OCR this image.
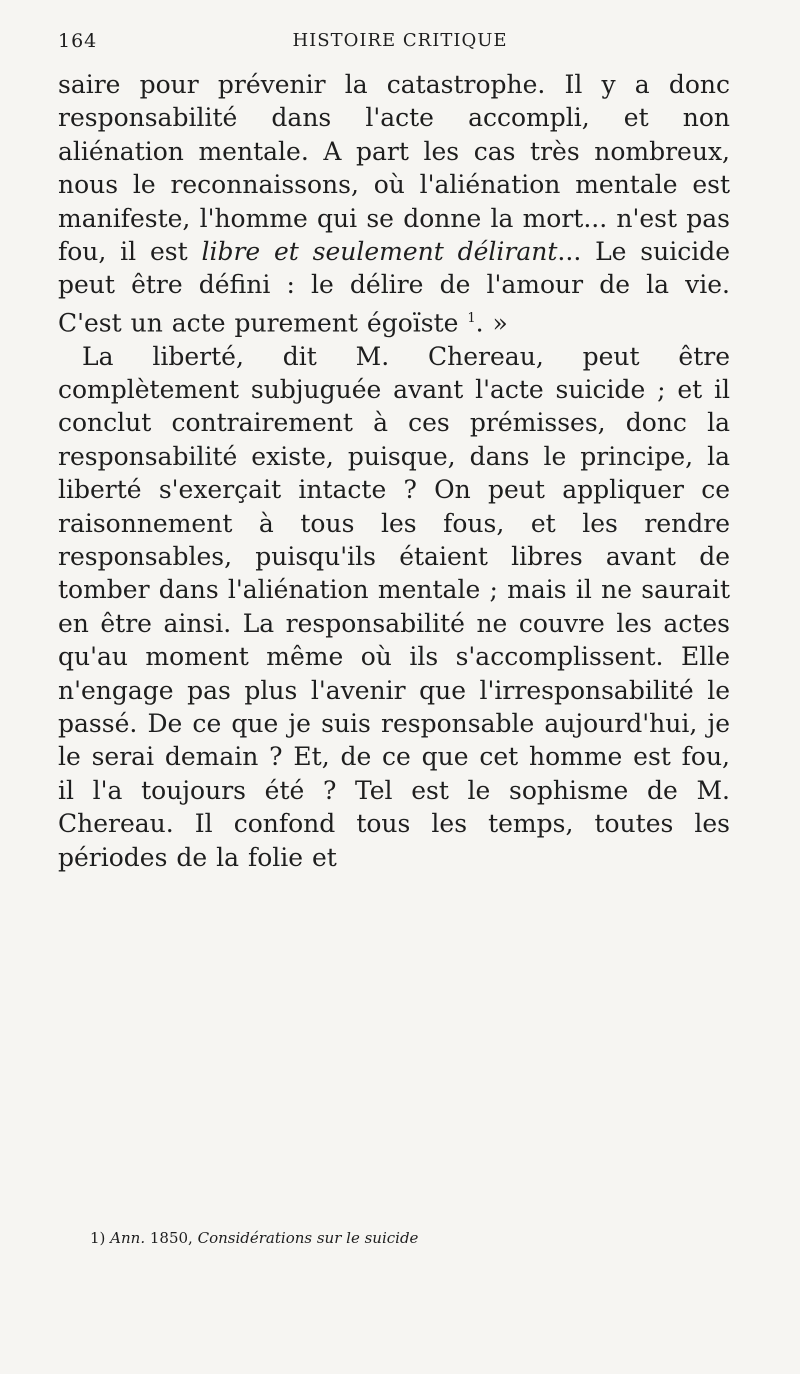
164	HISTOIRE CRITIQUE

saire pour prévenir la catastrophe. Il y a donc responsabilité dans l'acte accompli, et non aliénation mentale. A part les cas très nombreux, nous le reconnaissons, où l'aliénation mentale est manifeste, l'homme qui se donne la mort... n'est pas fou, il est libre et seulement délirant... Le suicide peut être défini : le délire de l'amour de la vie. C'est un acte purement égoïste $^1$. »

La liberté, dit M. Chereau, peut être complètement subjuguée avant l'acte suicide ; et il conclut contrairement à ces prémisses, donc la responsabilité existe, puisque, dans le principe, la liberté s'exerçait intacte ? On peut appliquer ce raisonnement à tous les fous, et les rendre responsables, puisqu'ils étaient libres avant de tomber dans l'aliénation mentale ; mais il ne saurait en être ainsi. La responsabilité ne couvre les actes qu'au moment même où ils s'accomplissent. Elle n'engage pas plus l'avenir que l'irresponsabilité le passé. De ce que je suis responsable aujourd'hui, je le serai demain ? Et, de ce que cet homme est fou, il l'a toujours été ? Tel est le sophisme de M. Chereau. Il confond tous les temps, toutes les périodes de la folie et

1) Ann. 1850, Considérations sur le suicide
